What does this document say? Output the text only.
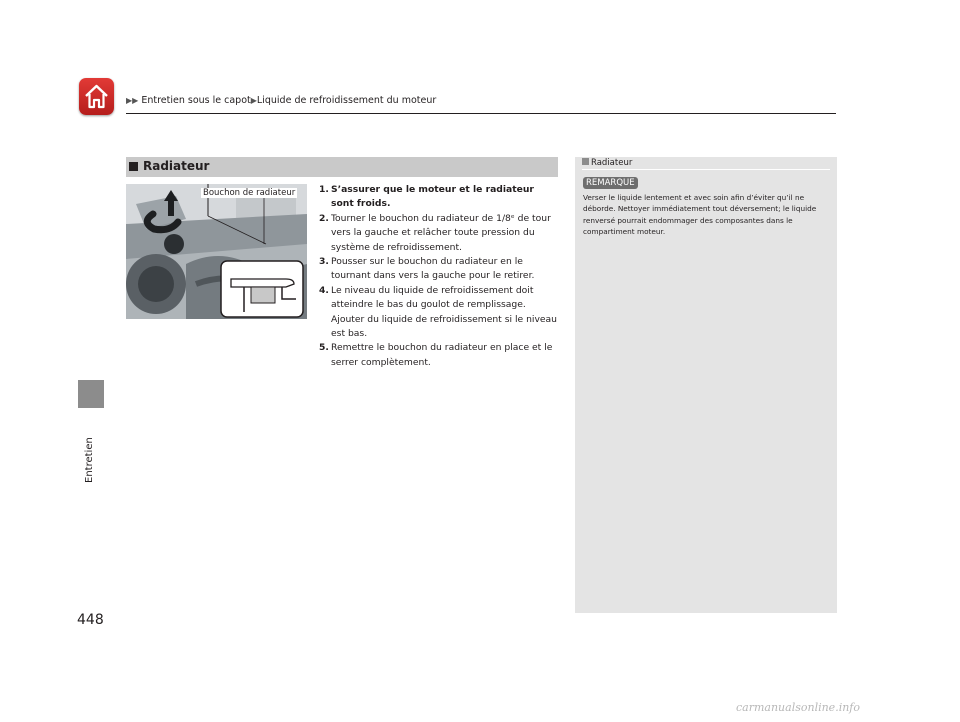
▶▶ Entretien sous le capot▶Liquide de refroidissement du moteur
Entretien
448
Radiateur
Bouchon de radiateur	1. S’assurer que le moteur et le radiateur sont froids.
2. Tourner le bouchon du radiateur de 1/8ᵉ de tour vers la gauche et relâcher toute pression du système de refroidissement.
3. Pousser sur le bouchon du radiateur en le tournant dans vers la gauche pour le retirer.
4. Le niveau du liquide de refroidissement doit atteindre le bas du goulot de remplissage. Ajouter du liquide de refroidissement si le niveau est bas.
5. Remettre le bouchon du radiateur en place et le serrer complètement.
Radiateur
REMARQUE
Verser le liquide lentement et avec soin afin d’éviter qu’il ne déborde. Nettoyer immédiatement tout déversement; le liquide renversé pourrait endommager des composantes dans le compartiment moteur.
carmanualsonline.info
